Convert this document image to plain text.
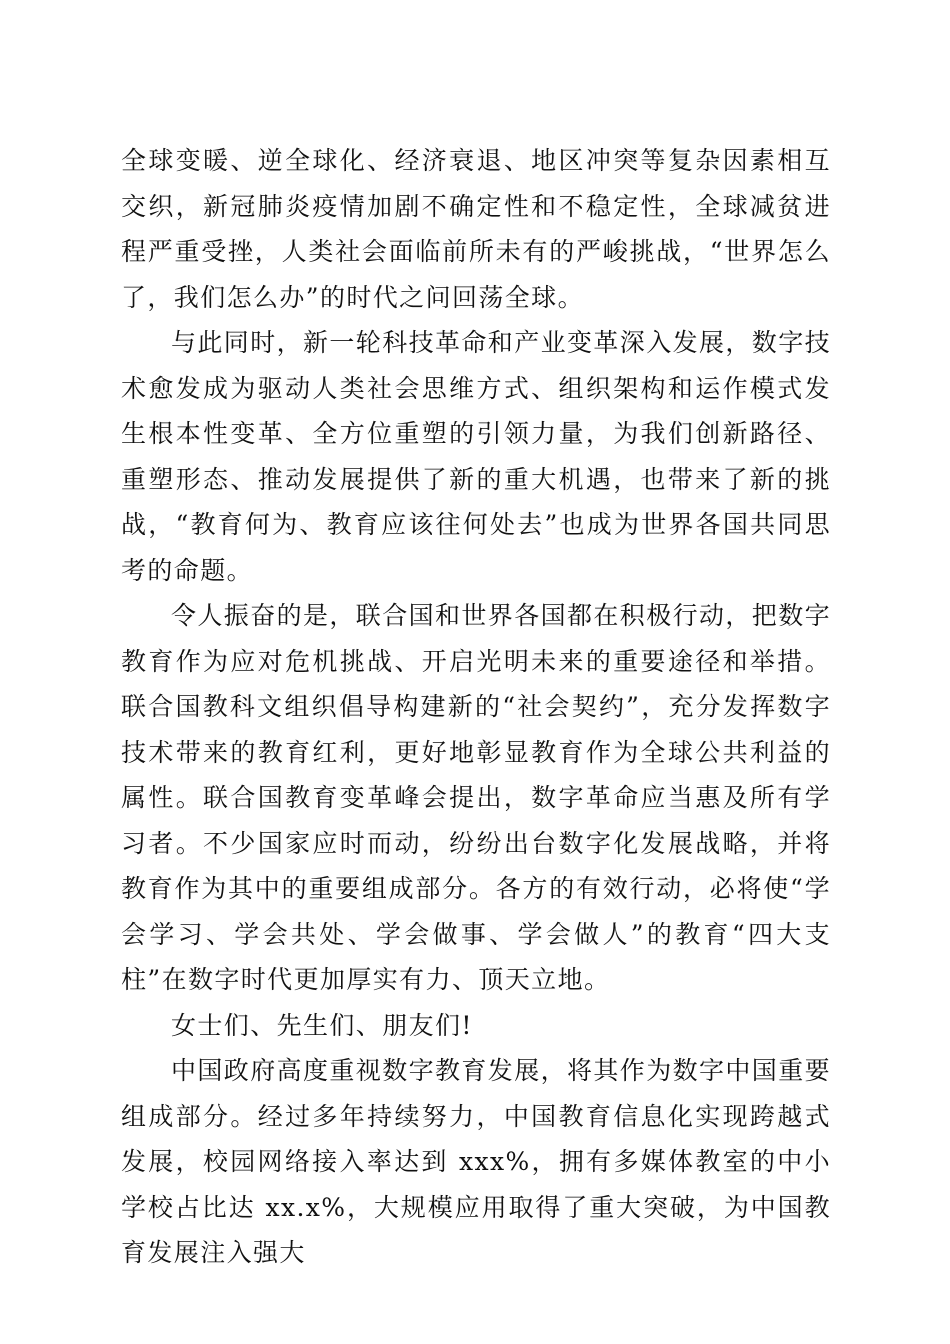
全球变暖、逆全球化、经济衰退、地区冲突等复杂因素相互交织，新冠肺炎疫情加剧不确定性和不稳定性，全球减贫进程严重受挫，人类社会面临前所未有的严峻挑战，“世界怎么了，我们怎么办”的时代之问回荡全球。

与此同时，新一轮科技革命和产业变革深入发展，数字技术愈发成为驱动人类社会思维方式、组织架构和运作模式发生根本性变革、全方位重塑的引领力量，为我们创新路径、重塑形态、推动发展提供了新的重大机遇，也带来了新的挑战，“教育何为、教育应该往何处去”也成为世界各国共同思考的命题。

令人振奋的是，联合国和世界各国都在积极行动，把数字教育作为应对危机挑战、开启光明未来的重要途径和举措。联合国教科文组织倡导构建新的“社会契约”，充分发挥数字技术带来的教育红利，更好地彰显教育作为全球公共利益的属性。联合国教育变革峰会提出，数字革命应当惠及所有学习者。不少国家应时而动，纷纷出台数字化发展战略，并将教育作为其中的重要组成部分。各方的有效行动，必将使“学会学习、学会共处、学会做事、学会做人”的教育“四大支柱”在数字时代更加厚实有力、顶天立地。

女士们、先生们、朋友们!

中国政府高度重视数字教育发展，将其作为数字中国重要组成部分。经过多年持续努力，中国教育信息化实现跨越式发展，校园网络接入率达到 xxx%，拥有多媒体教室的中小学校占比达 xx.x%，大规模应用取得了重大突破，为中国教育发展注入强大
